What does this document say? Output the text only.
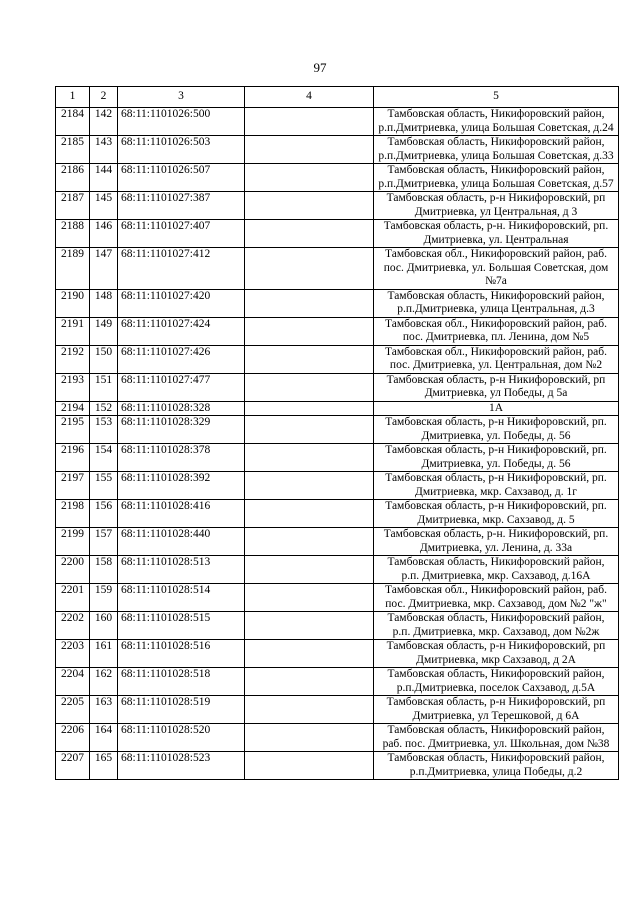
97
1	2	3	4	5
2184	142	68:11:1101026:500		Тамбовская область, Никифоровский район,
р.п.Дмитриевка, улица Большая Советская, д.24
2185	143	68:11:1101026:503		Тамбовская область, Никифоровский район,
р.п.Дмитриевка, улица Большая Советская, д.33
2186	144	68:11:1101026:507		Тамбовская область, Никифоровский район,
р.п.Дмитриевка, улица Большая Советская, д.57
2187	145	68:11:1101027:387		Тамбовская область, р-н Никифоровский, рп
Дмитриевка, ул Центральная, д 3
2188	146	68:11:1101027:407		Тамбовская область, р-н. Никифоровский, рп.
Дмитриевка, ул. Центральная
2189	147	68:11:1101027:412		Тамбовская обл., Никифоровский район, раб.
пос. Дмитриевка, ул. Большая Советская, дом
№7а
2190	148	68:11:1101027:420		Тамбовская область, Никифоровский район,
р.п.Дмитриевка, улица Центральная, д.3
2191	149	68:11:1101027:424		Тамбовская обл., Никифоровский район, раб.
пос. Дмитриевка, пл. Ленина, дом №5
2192	150	68:11:1101027:426		Тамбовская обл., Никифоровский район, раб.
пос. Дмитриевка, ул. Центральная, дом №2
2193	151	68:11:1101027:477		Тамбовская область, р-н Никифоровский, рп
Дмитриевка, ул Победы, д 5а
2194	152	68:11:1101028:328		1А
2195	153	68:11:1101028:329		Тамбовская область, р-н Никифоровский, рп.
Дмитриевка, ул. Победы, д. 56
2196	154	68:11:1101028:378		Тамбовская область, р-н Никифоровский, рп.
Дмитриевка, ул. Победы, д. 56
2197	155	68:11:1101028:392		Тамбовская область, р-н Никифоровский, рп.
Дмитриевка, мкр. Сахзавод, д. 1г
2198	156	68:11:1101028:416		Тамбовская область, р-н Никифоровский, рп.
Дмитриевка, мкр. Сахзавод, д. 5
2199	157	68:11:1101028:440		Тамбовская область, р-н. Никифоровский, рп.
Дмитриевка, ул. Ленина, д. 33а
2200	158	68:11:1101028:513		Тамбовская область, Никифоровский район,
р.п. Дмитриевка, мкр. Сахзавод, д.16А
2201	159	68:11:1101028:514		Тамбовская обл., Никифоровский район, раб.
пос. Дмитриевка, мкр. Сахзавод, дом №2 "ж"
2202	160	68:11:1101028:515		Тамбовская область, Никифоровский район,
р.п. Дмитриевка, мкр. Сахзавод, дом №2ж
2203	161	68:11:1101028:516		Тамбовская область, р-н Никифоровский, рп
Дмитриевка, мкр Сахзавод, д 2А
2204	162	68:11:1101028:518		Тамбовская область, Никифоровский район,
р.п.Дмитриевка, поселок Сахзавод, д.5А
2205	163	68:11:1101028:519		Тамбовская область, р-н Никифоровский, рп
Дмитриевка, ул Терешковой, д 6А
2206	164	68:11:1101028:520		Тамбовская область, Никифоровский район,
раб. пос. Дмитриевка, ул. Школьная, дом №38
2207	165	68:11:1101028:523		Тамбовская область, Никифоровский район,
р.п.Дмитриевка, улица Победы, д.2
